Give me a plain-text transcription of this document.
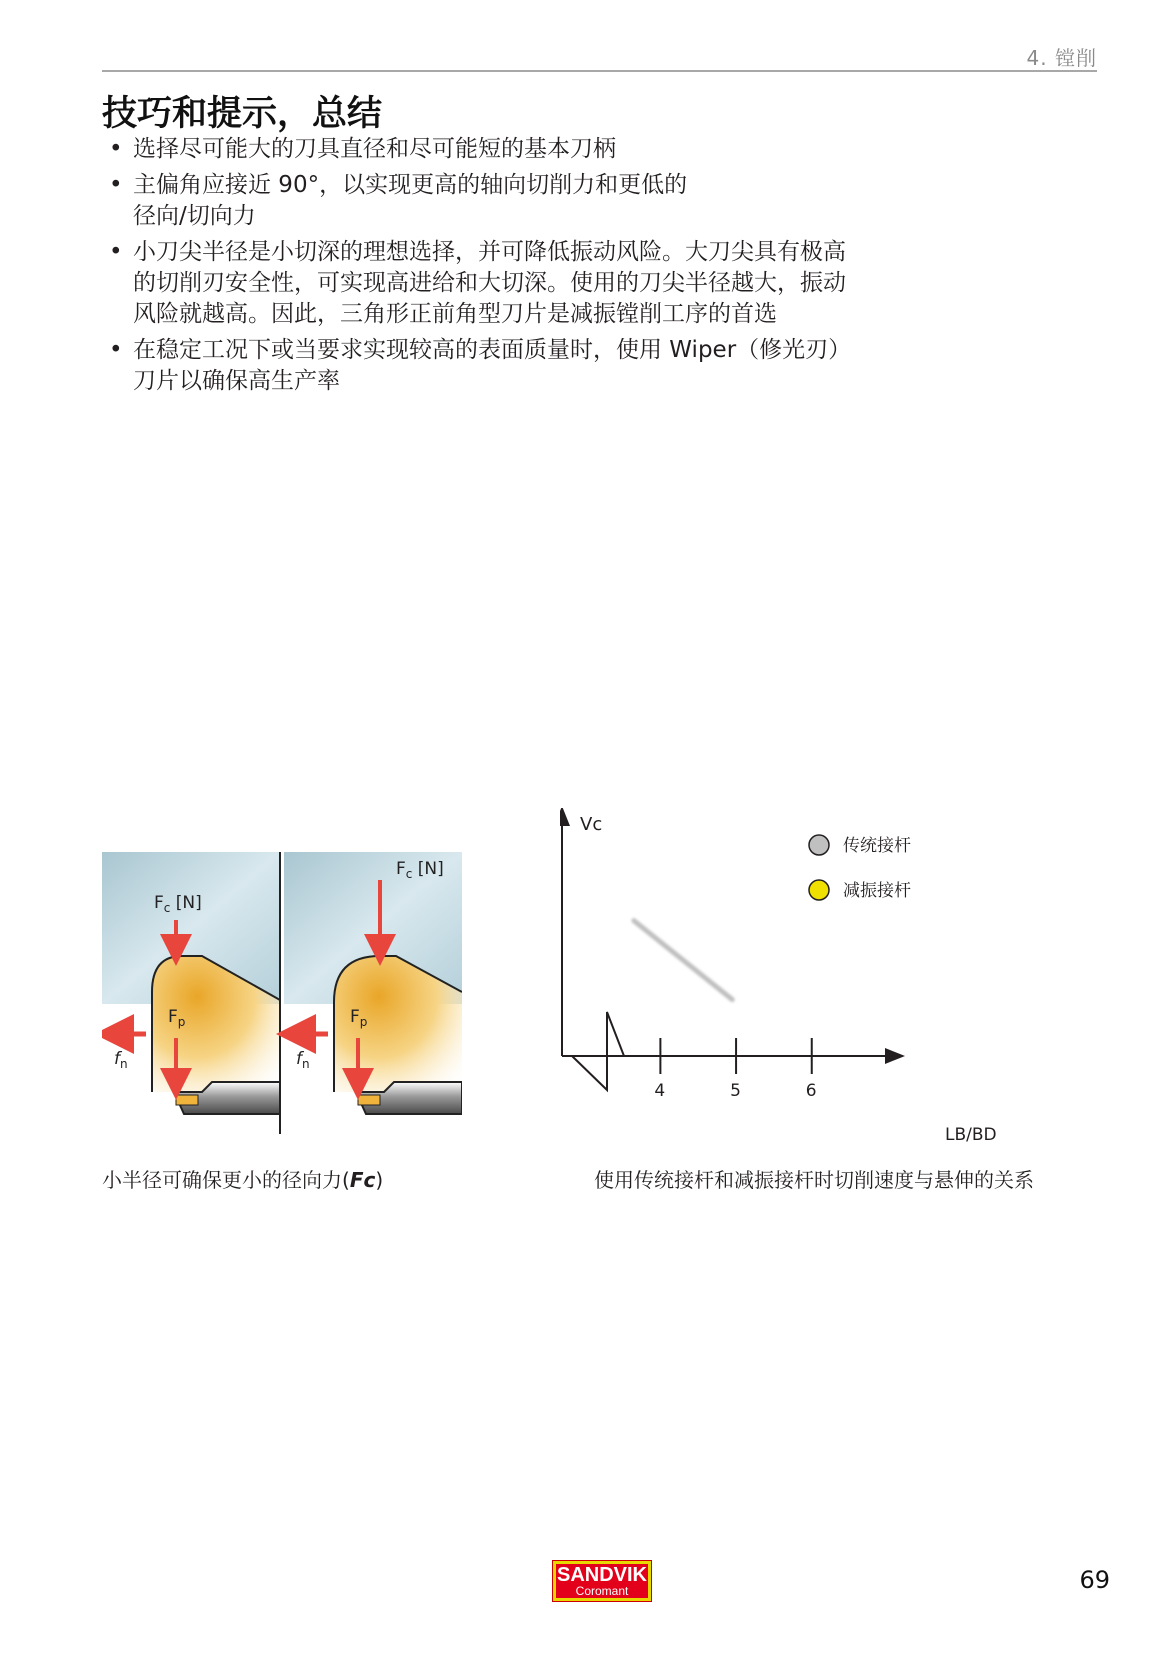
4. 镗削
技巧和提示，总结
• 选择尽可能大的刀具直径和尽可能短的基本刀柄
• 主偏角应接近 90°，以实现更高的轴向切削力和更低的径向/切向力
• 小刀尖半径是小切深的理想选择，并可降低振动风险。大刀尖具有极高的切削刃安全性，可实现高进给和大切深。使用的刀尖半径越大，振动风险就越高。因此，三角形正前角型刀片是减振镗削工序的首选
• 在稳定工况下或当要求实现较高的表面质量时，使用 Wiper（修光刃）刀片以确保高生产率
$F_c$ [N]
$F_p$
$f_n$
$F_c$ [N]
$F_p$
$f_n$
小半径可确保更小的径向力(Fc)
Vc
LB/BD
4	5	6
传统接杆
减振接杆
使用传统接杆和减振接杆时切削速度与悬伸的关系
SANDVIK
Coromant	69
